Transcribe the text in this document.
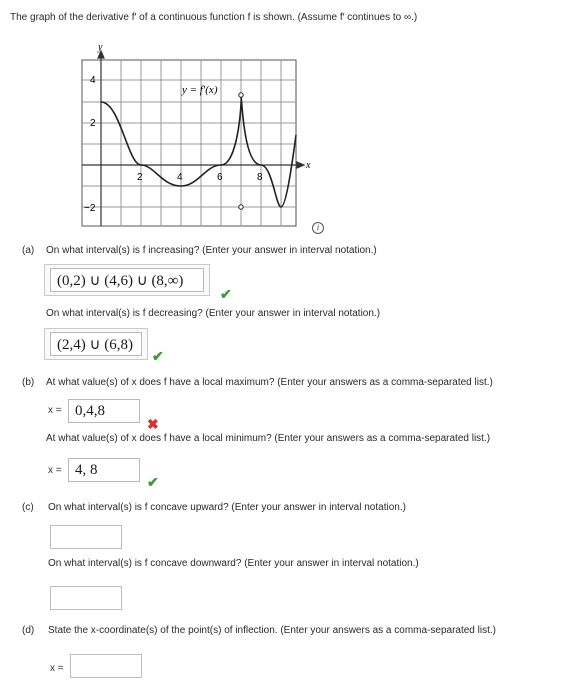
The graph of the derivative f′ of a continuous function f is shown. (Assume f′ continues to ∞.)
y
x
y = f′(x)
4
2
−2
2	4	6	8
i
(a) On what interval(s) is f increasing? (Enter your answer in interval notation.)
(0,2) ∪ (4,6) ∪ (8,∞)
✔
On what interval(s) is f decreasing? (Enter your answer in interval notation.)
(2,4) ∪ (6,8)
✔
(b) At what value(s) of x does f have a local maximum? (Enter your answers as a comma-separated list.)
x = 0,4,8
✖
At what value(s) of x does f have a local minimum? (Enter your answers as a comma-separated list.)
x = 4, 8
✔
(c) On what interval(s) is f concave upward? (Enter your answer in interval notation.)
On what interval(s) is f concave downward? (Enter your answer in interval notation.)
(d) State the x-coordinate(s) of the point(s) of inflection. (Enter your answers as a comma-separated list.)
x =
